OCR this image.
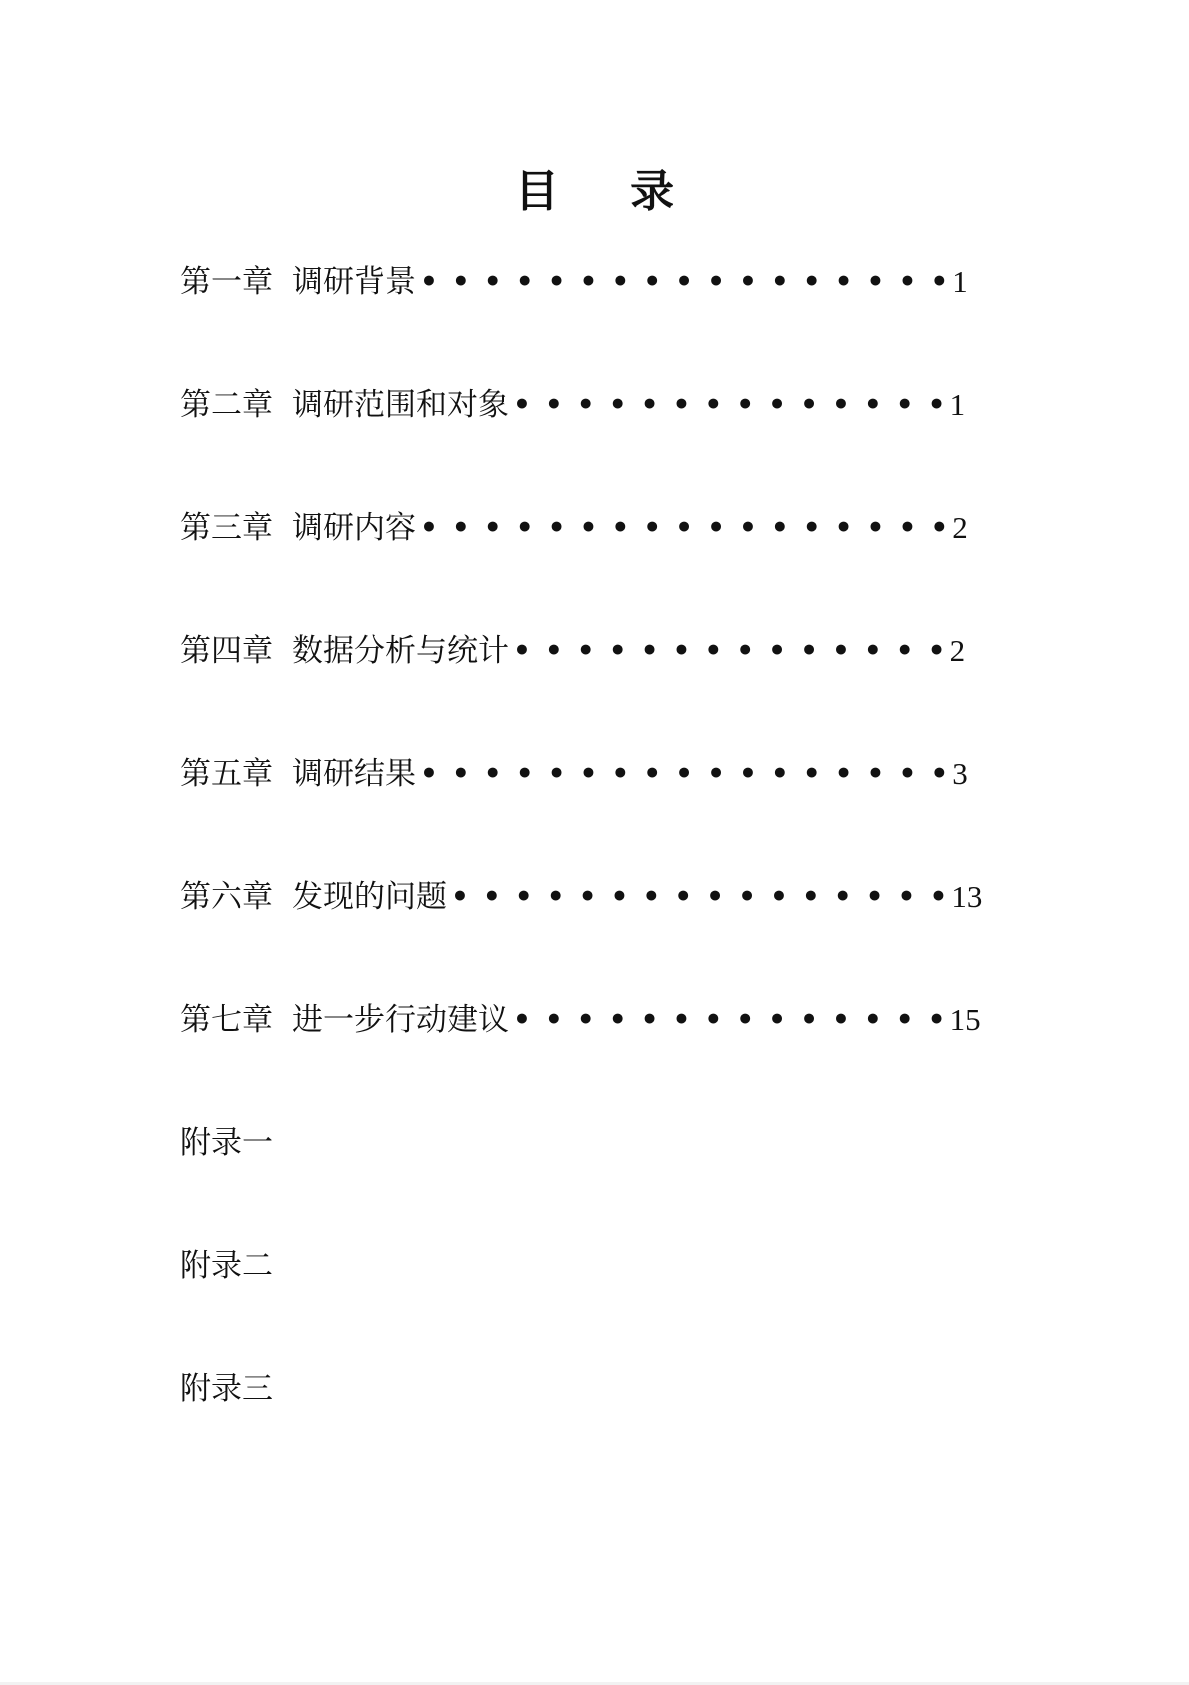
目 录
第一章 调研背景 • • • • • • • • • • • • • • • • • 1
第二章 调研范围和对象 • • • • • • • • • • • • • • 1
第三章 调研内容 • • • • • • • • • • • • • • • • • 2
第四章 数据分析与统计 • • • • • • • • • • • • • • 2
第五章 调研结果 • • • • • • • • • • • • • • • • • 3
第六章 发现的问题 • • • • • • • • • • • • • • • • 13
第七章 进一步行动建议 • • • • • • • • • • • • • • 15
附录一
附录二
附录三
